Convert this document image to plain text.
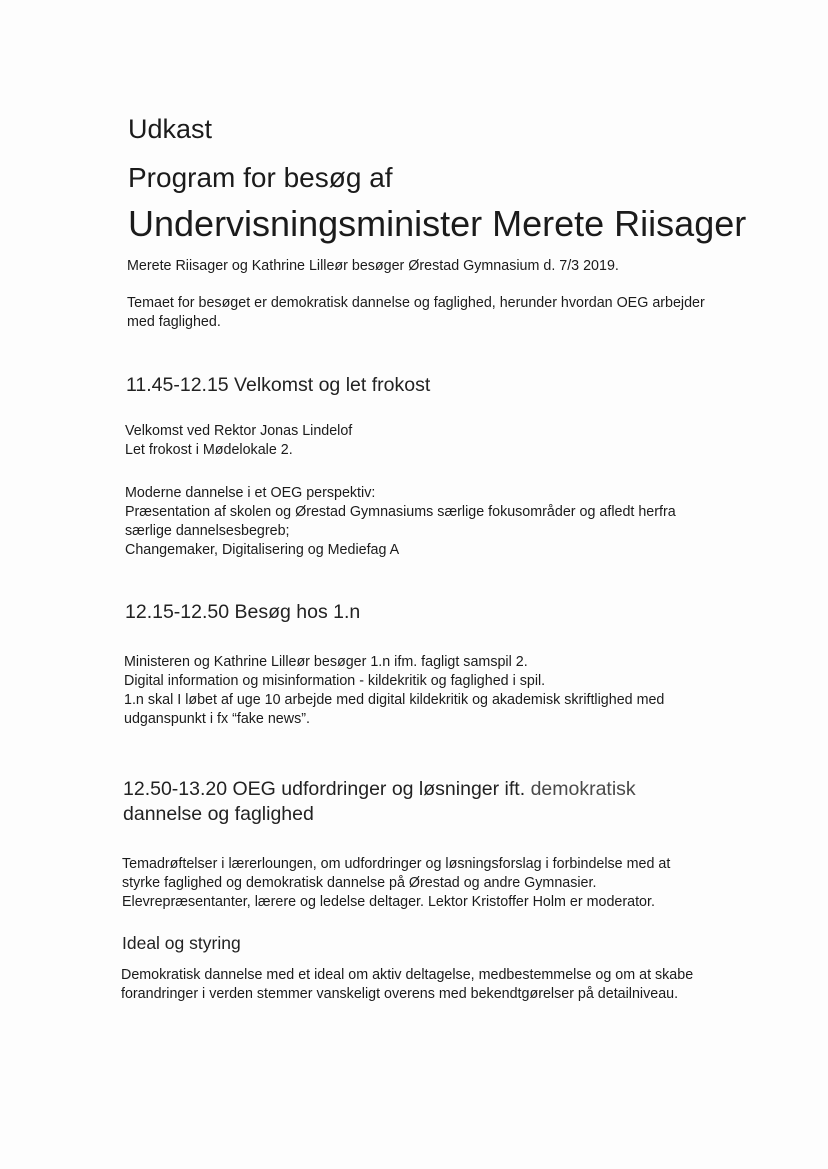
Udkast
Program for besøg af
Undervisningsminister Merete Riisager
Merete Riisager og Kathrine Lilleør besøger Ørestad Gymnasium d. 7/3 2019.
Temaet for besøget er demokratisk dannelse og faglighed, herunder hvordan OEG arbejder
med faglighed.
11.45-12.15 Velkomst og let frokost
Velkomst ved Rektor Jonas Lindelof
Let frokost i Mødelokale 2.
Moderne dannelse i et OEG perspektiv:
Præsentation af skolen og Ørestad Gymnasiums særlige fokusområder og afledt herfra
særlige dannelsesbegreb;
Changemaker, Digitalisering og Mediefag A
12.15-12.50 Besøg hos 1.n
Ministeren og Kathrine Lilleør besøger 1.n ifm. fagligt samspil 2.
Digital information og misinformation - kildekritik og faglighed i spil.
1.n skal I løbet af uge 10 arbejde med digital kildekritik og akademisk skriftlighed med
udganspunkt i fx “fake news”.
12.50-13.20 OEG udfordringer og løsninger ift. demokratisk
dannelse og faglighed
Temadrøftelser i lærerloungen, om udfordringer og løsningsforslag i forbindelse med at
styrke faglighed og demokratisk dannelse på Ørestad og andre Gymnasier.
Elevrepræsentanter, lærere og ledelse deltager. Lektor Kristoffer Holm er moderator.
Ideal og styring
Demokratisk dannelse med et ideal om aktiv deltagelse, medbestemmelse og om at skabe
forandringer i verden stemmer vanskeligt overens med bekendtgørelser på detailniveau.
